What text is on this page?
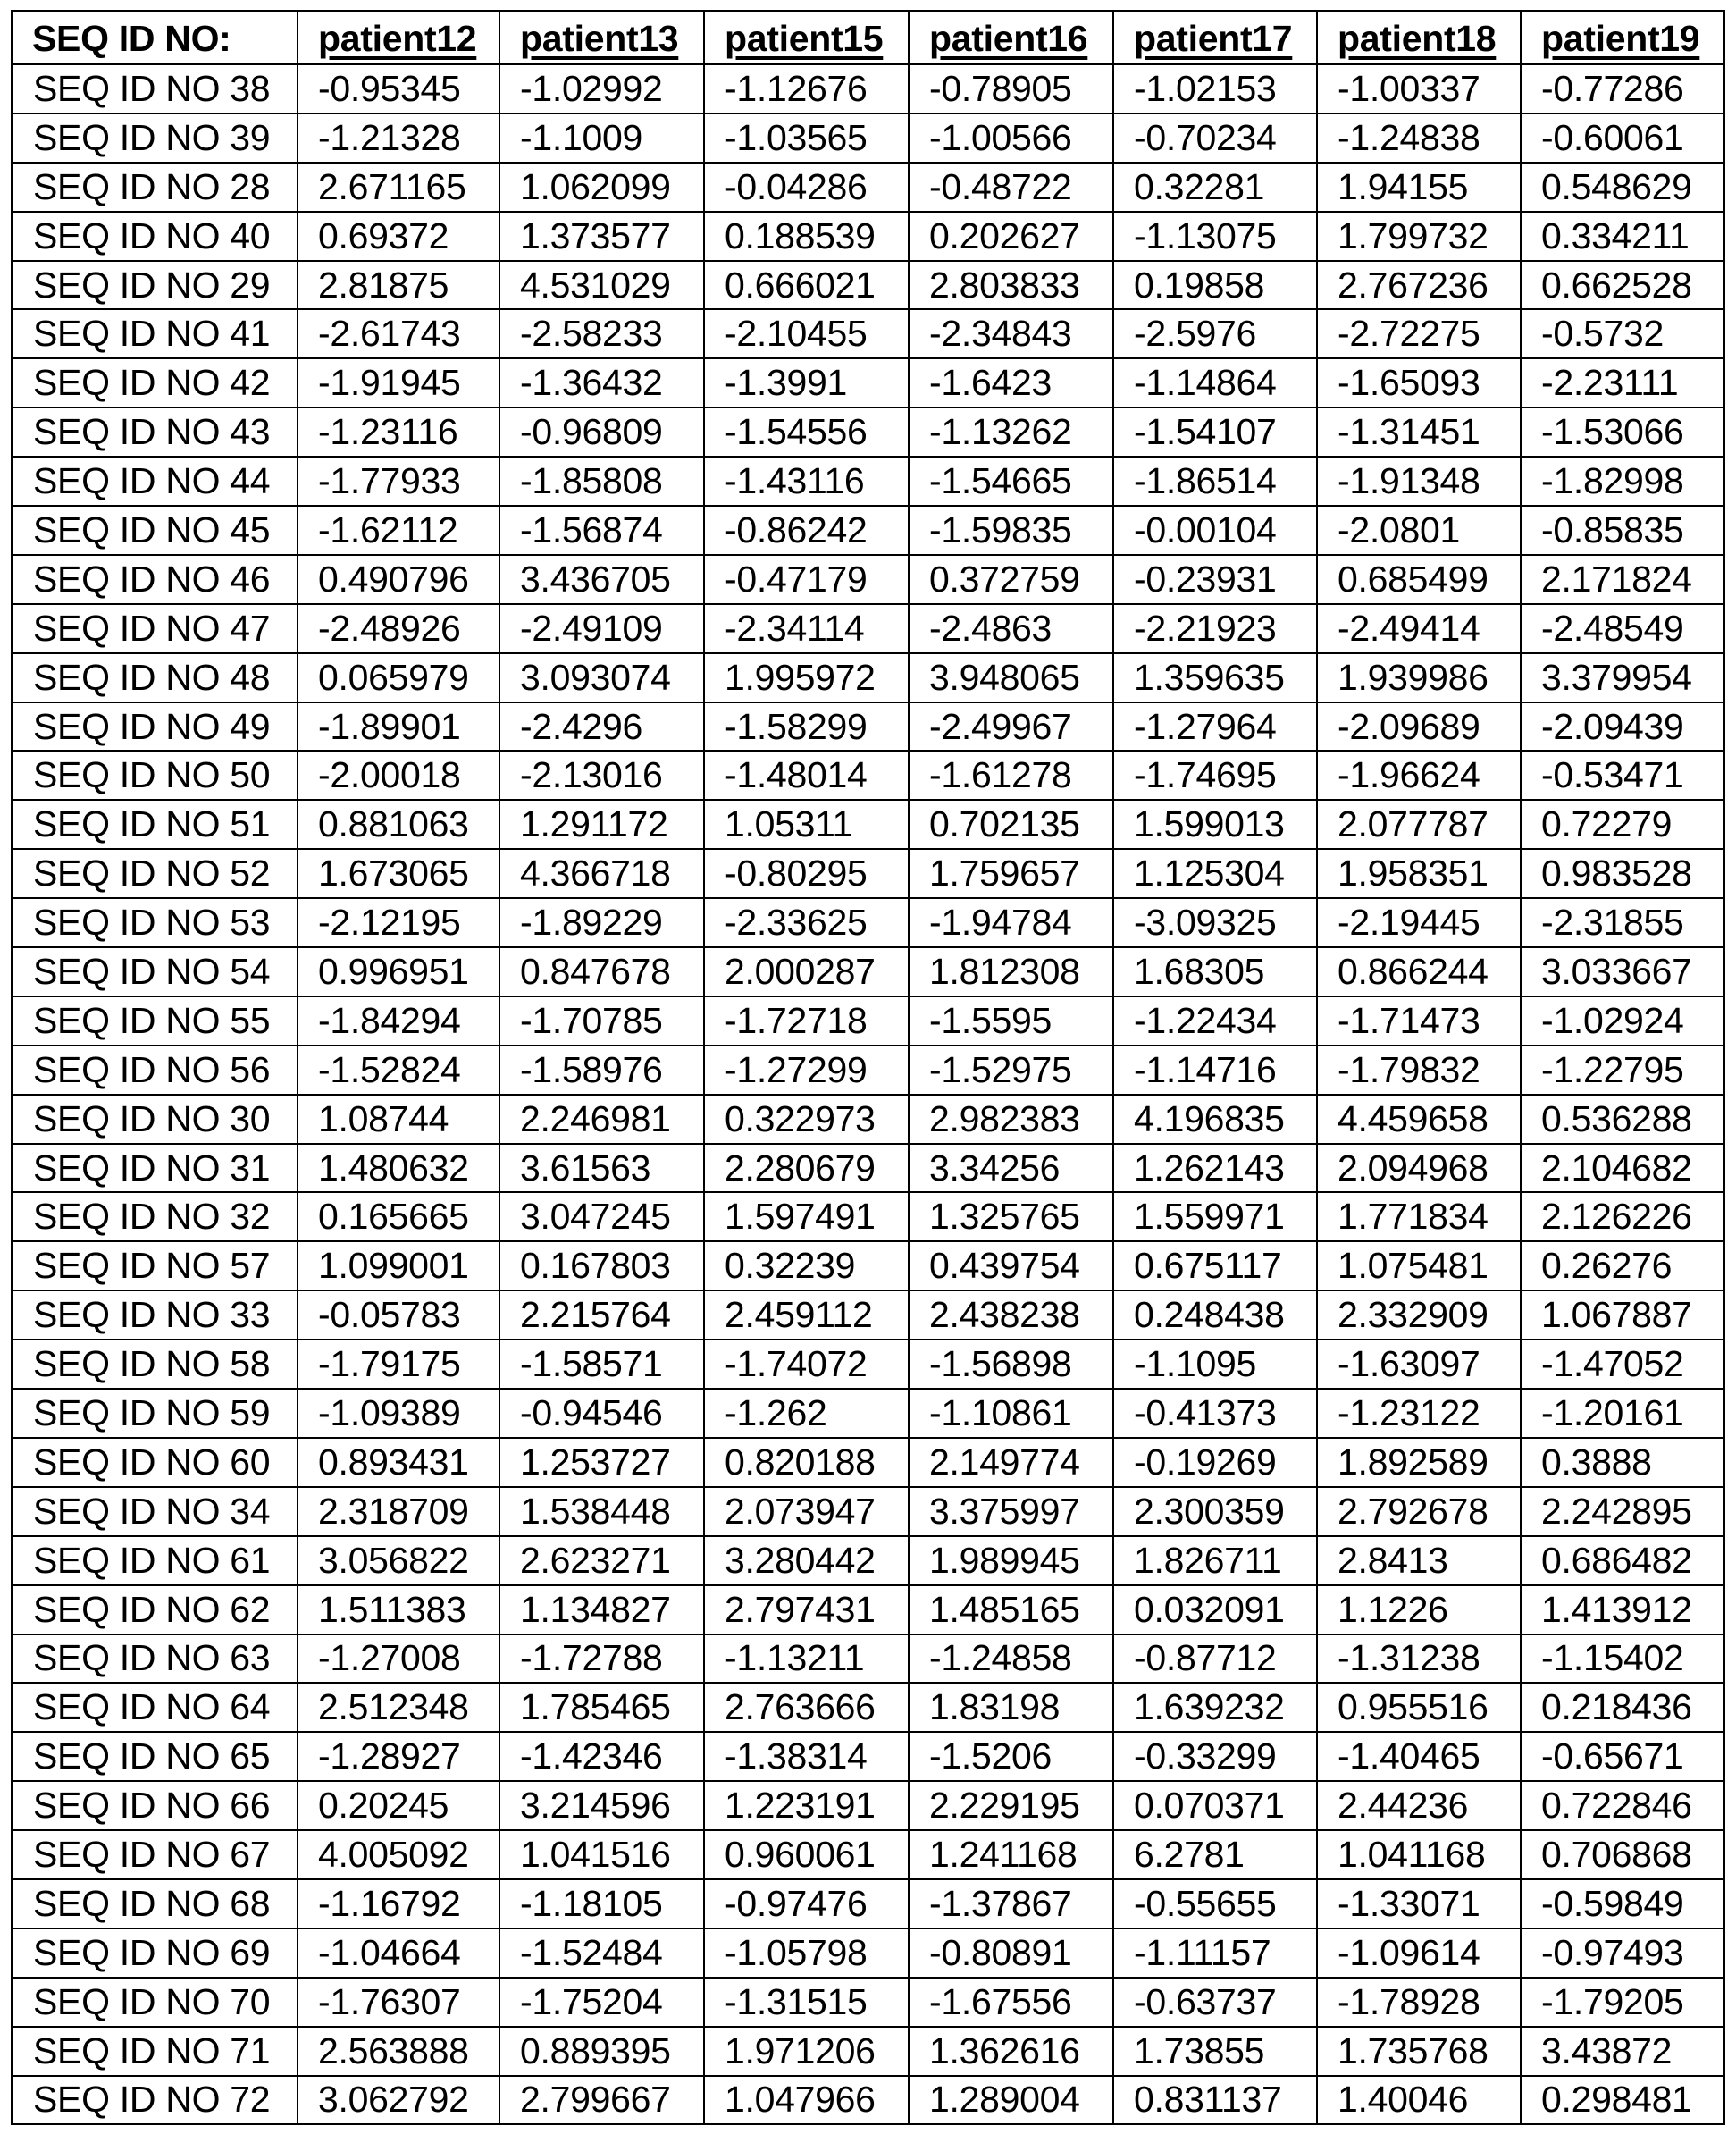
SEQ ID NO:	patient12	patient13	patient15	patient16	patient17	patient18	patient19
SEQ ID NO 38	-0.95345	-1.02992	-1.12676	-0.78905	-1.02153	-1.00337	-0.77286
SEQ ID NO 39	-1.21328	-1.1009	-1.03565	-1.00566	-0.70234	-1.24838	-0.60061
SEQ ID NO 28	2.671165	1.062099	-0.04286	-0.48722	0.32281	1.94155	0.548629
SEQ ID NO 40	0.69372	1.373577	0.188539	0.202627	-1.13075	1.799732	0.334211
SEQ ID NO 29	2.81875	4.531029	0.666021	2.803833	0.19858	2.767236	0.662528
SEQ ID NO 41	-2.61743	-2.58233	-2.10455	-2.34843	-2.5976	-2.72275	-0.5732
SEQ ID NO 42	-1.91945	-1.36432	-1.3991	-1.6423	-1.14864	-1.65093	-2.23111
SEQ ID NO 43	-1.23116	-0.96809	-1.54556	-1.13262	-1.54107	-1.31451	-1.53066
SEQ ID NO 44	-1.77933	-1.85808	-1.43116	-1.54665	-1.86514	-1.91348	-1.82998
SEQ ID NO 45	-1.62112	-1.56874	-0.86242	-1.59835	-0.00104	-2.0801	-0.85835
SEQ ID NO 46	0.490796	3.436705	-0.47179	0.372759	-0.23931	0.685499	2.171824
SEQ ID NO 47	-2.48926	-2.49109	-2.34114	-2.4863	-2.21923	-2.49414	-2.48549
SEQ ID NO 48	0.065979	3.093074	1.995972	3.948065	1.359635	1.939986	3.379954
SEQ ID NO 49	-1.89901	-2.4296	-1.58299	-2.49967	-1.27964	-2.09689	-2.09439
SEQ ID NO 50	-2.00018	-2.13016	-1.48014	-1.61278	-1.74695	-1.96624	-0.53471
SEQ ID NO 51	0.881063	1.291172	1.05311	0.702135	1.599013	2.077787	0.72279
SEQ ID NO 52	1.673065	4.366718	-0.80295	1.759657	1.125304	1.958351	0.983528
SEQ ID NO 53	-2.12195	-1.89229	-2.33625	-1.94784	-3.09325	-2.19445	-2.31855
SEQ ID NO 54	0.996951	0.847678	2.000287	1.812308	1.68305	0.866244	3.033667
SEQ ID NO 55	-1.84294	-1.70785	-1.72718	-1.5595	-1.22434	-1.71473	-1.02924
SEQ ID NO 56	-1.52824	-1.58976	-1.27299	-1.52975	-1.14716	-1.79832	-1.22795
SEQ ID NO 30	1.08744	2.246981	0.322973	2.982383	4.196835	4.459658	0.536288
SEQ ID NO 31	1.480632	3.61563	2.280679	3.34256	1.262143	2.094968	2.104682
SEQ ID NO 32	0.165665	3.047245	1.597491	1.325765	1.559971	1.771834	2.126226
SEQ ID NO 57	1.099001	0.167803	0.32239	0.439754	0.675117	1.075481	0.26276
SEQ ID NO 33	-0.05783	2.215764	2.459112	2.438238	0.248438	2.332909	1.067887
SEQ ID NO 58	-1.79175	-1.58571	-1.74072	-1.56898	-1.1095	-1.63097	-1.47052
SEQ ID NO 59	-1.09389	-0.94546	-1.262	-1.10861	-0.41373	-1.23122	-1.20161
SEQ ID NO 60	0.893431	1.253727	0.820188	2.149774	-0.19269	1.892589	0.3888
SEQ ID NO 34	2.318709	1.538448	2.073947	3.375997	2.300359	2.792678	2.242895
SEQ ID NO 61	3.056822	2.623271	3.280442	1.989945	1.826711	2.8413	0.686482
SEQ ID NO 62	1.511383	1.134827	2.797431	1.485165	0.032091	1.1226	1.413912
SEQ ID NO 63	-1.27008	-1.72788	-1.13211	-1.24858	-0.87712	-1.31238	-1.15402
SEQ ID NO 64	2.512348	1.785465	2.763666	1.83198	1.639232	0.955516	0.218436
SEQ ID NO 65	-1.28927	-1.42346	-1.38314	-1.5206	-0.33299	-1.40465	-0.65671
SEQ ID NO 66	0.20245	3.214596	1.223191	2.229195	0.070371	2.44236	0.722846
SEQ ID NO 67	4.005092	1.041516	0.960061	1.241168	6.2781	1.041168	0.706868
SEQ ID NO 68	-1.16792	-1.18105	-0.97476	-1.37867	-0.55655	-1.33071	-0.59849
SEQ ID NO 69	-1.04664	-1.52484	-1.05798	-0.80891	-1.11157	-1.09614	-0.97493
SEQ ID NO 70	-1.76307	-1.75204	-1.31515	-1.67556	-0.63737	-1.78928	-1.79205
SEQ ID NO 71	2.563888	0.889395	1.971206	1.362616	1.73855	1.735768	3.43872
SEQ ID NO 72	3.062792	2.799667	1.047966	1.289004	0.831137	1.40046	0.298481
